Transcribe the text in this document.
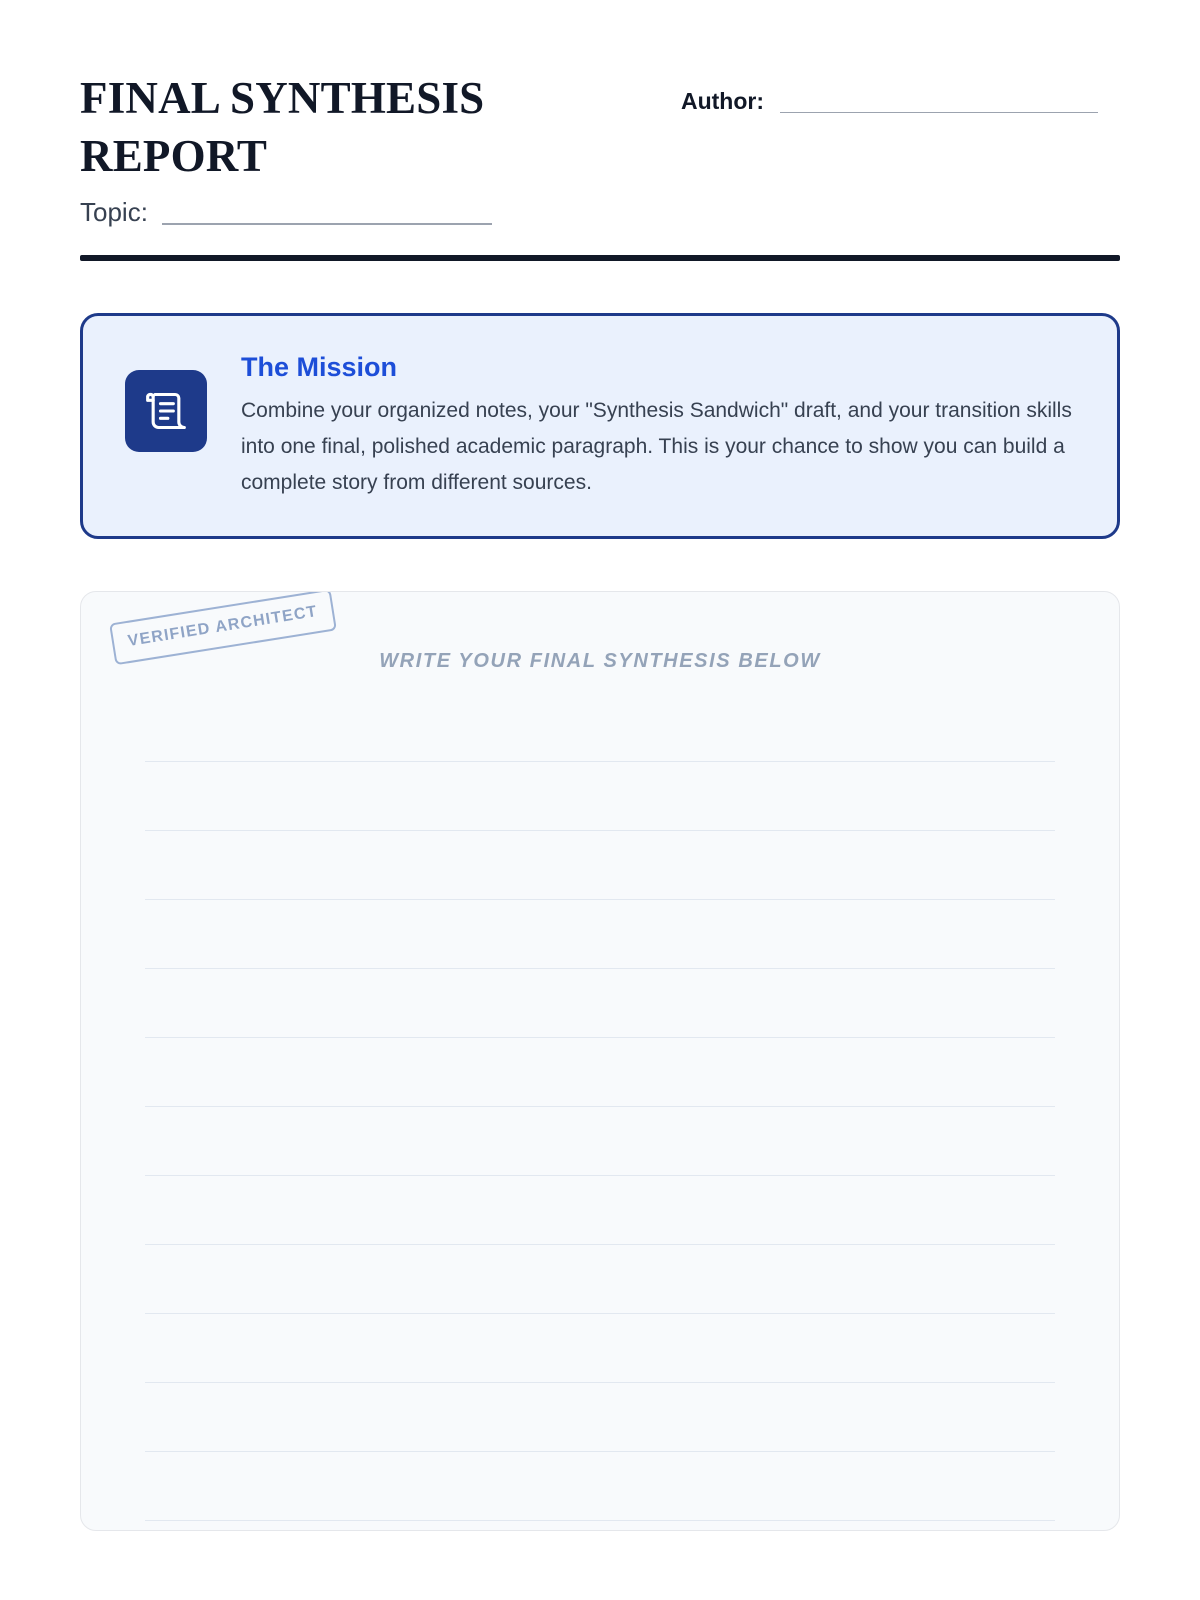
FINAL SYNTHESIS REPORT
Topic:
Author:
The Mission

Combine your organized notes, your "Synthesis Sandwich" draft, and your transition skills into one final, polished academic paragraph. This is your chance to show you can build a complete story from different sources.

VERIFIED ARCHITECT
WRITE YOUR FINAL SYNTHESIS BELOW
